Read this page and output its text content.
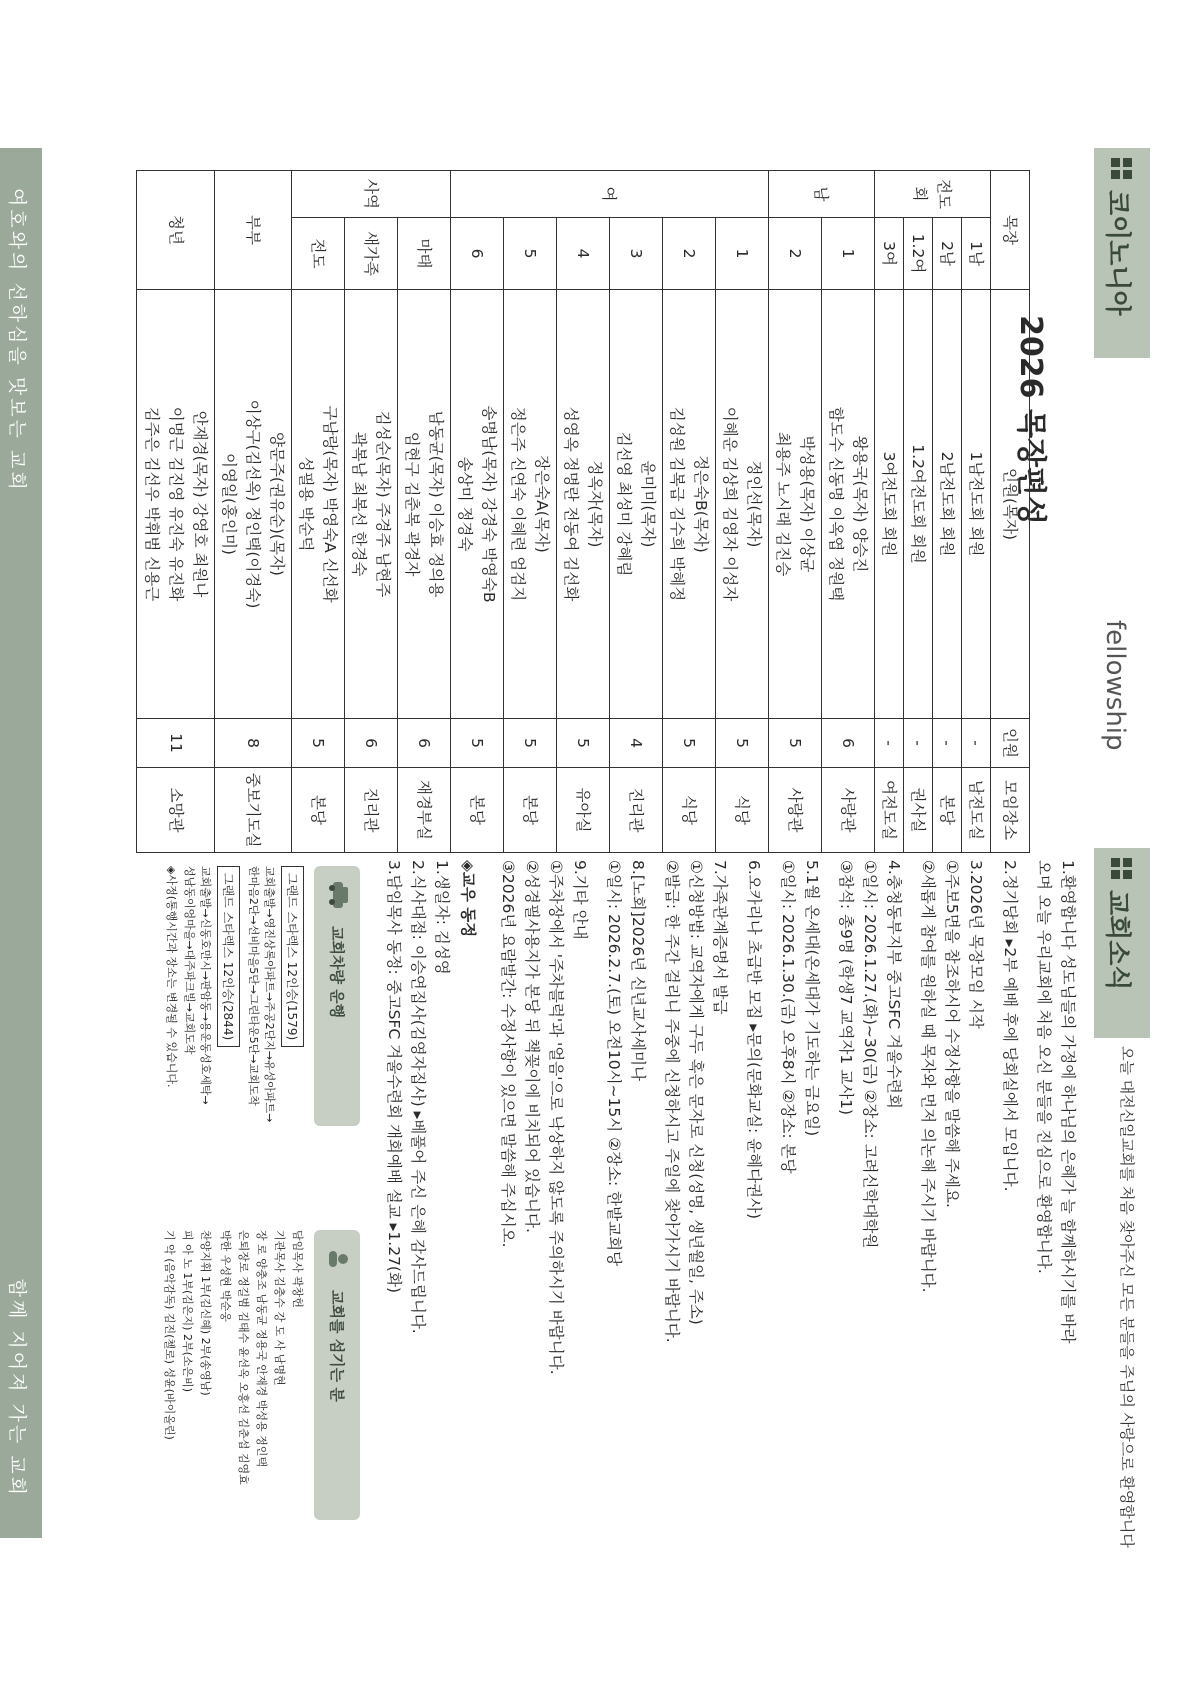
여호와의 선하심을 맛보는 교회
함께 지어져 가는 교회
코이노니아
fellowship
2026 목장편성
목장		인원(목자)	인원	모임장소
전도회	1남	1남전도회 회원	-	남전도실
	2남	2남전도회 회원	-	본당
	1.2여	1.2여전도회 회원	-	권사실
	3여	3여전도회 회원	-	여전도실
남	1	왕용국(목자) 양승진
함도수 신동명 이옥엽 정원택	6	사랑관
	2	박성용(목자) 이상균
최용주 노시래 김진승	5	사랑관
여	1	정인선(목자)
이혜운 김상희 김영자 이성자	5	식당
	2	정은숙B(목자)
김성원 김복급 김수희 박혜정	5	식당
	3	윤미미(목자)
김선영 최성미 강혜림	4	진리관
	4	정옥자(목자)
성영옥 정명란 전동여 김선화	5	유아실
	5	장은숙A(목자)
정은주 신연숙 이혜련 엄검지	5	본당
	6	송명남(목자) 강경숙 박영숙B
송상미 정경숙	5	본당
사역	마태	남동균(목자) 이승효 정의용
임현구 김춘복 곽경자	6	재경부실
	새가족	김성순(목자) 주경주 남현주
곽복남 최복선 한경숙	6	진리관
	전도	구남랑(목자) 박영숙A 신선화
성필용 박순덕	5	본당
부부		양문주(권유순)(목자)
이상구(김선옥) 정인택(이경숙)
이영일(홍인미)	8	중보기도실
청년		안재경(목자) 강영호 최원나
이명근 김진영 유진숙 유진화
김주은 김선우 박휘범 신용근	11	소망관
교회소식
오늘 대전신일교회를 처음 찾아주신 모든 분들을 주님의 사랑으로 환영합니다
1.환영합니다 성도님들의 가정에 하나님의 은혜가 늘 함께하시기를 바라
오며 오늘 우리교회에 처음 오신 분들을 진심으로 환영합니다.
2.정기당회 ▸2부 예배 후에 당회실에서 모입니다.
3.2026년 목장모임 시작
①주보5면을 참조하시어 수정사항을 말씀해 주세요.
②새롭게 참여를 원하실 때 목자와 먼저 의논해 주시기 바랍니다.
4.충청동부지부 중고SFC 겨울수련회
①일시: 2026.1.27.(화)~30(금) ②장소: 고려신학대학원
③참석: 총9명 (학생7 교역자1 교사1)
5.1월 온세대(온세대가 기도하는 금요일)
①일시: 2026.1.30.(금) 오후8시 ②장소: 본당
6.오카리나 초급반 모집 ▸문의(문화교실: 윤혜다권사)
7.가족관계증명서 발급
①신청방법: 교역자에게 구두 혹은 문자로 신청(성명, 생년월일, 주소)
②발급: 한 주간 걸리니 주중에 신청하시고 주일에 찾아가시기 바랍니다.
8.[노회]2026년 신년교사세미나
①일시: 2026.2.7.(토) 오전10시~15시 ②장소: 한밭교회당
9.기타 안내
①주차장에서 '주차블럭'과 '얼음'으로 낙상하지 않도록 주의하시기 바랍니다.
②성경필사용지가 본당 뒤 책꽂이에 비치되어 있습니다.
③2026년 요람발간: 수정사항이 있으면 말씀해 주십시오.
◈교우 동정
1.생일자: 김성영
2.식사대접: 이승연집사(김영자집사) ▸베풀어 주신 은혜 감사드립니다.
3.담임목사 동정: 중고SFC 겨울수련회 개회예배 설교 ▸1.27(화)
교회차량 운행
그랜드 스타렉스 12인승(1579)
교회출발→영진상록아파트→주공2단지→유성아파트→
한마음2단→선비마을5단→그린타운5단→교회도착
그랜드 스타렉스 12인승(2844)
교회출발→신동호만시→판암동→용운동성호세탁→
성남동이엉마을→대주파크빌→교회도착
◈사정(통행시간과 장소는 변경될 수 있습니다.
교회를 섬기는 분
담임목사 곽창헌
기관목사 김충수 강 도 사 남명현
장 로 양충조 남동균 정용국 안재경 박성용 정인택
은퇴장로 정길범 김태수 윤선옥 오홍선 김춘섭 김영효
박한 우성현 박순웅
찬양지휘 1부(김신혜) 2부(송영남)
피 아 노 1부(김은지) 2부(소은비)
기 악 (음악감독) 김진(첼로) 성윤(바이올린)
